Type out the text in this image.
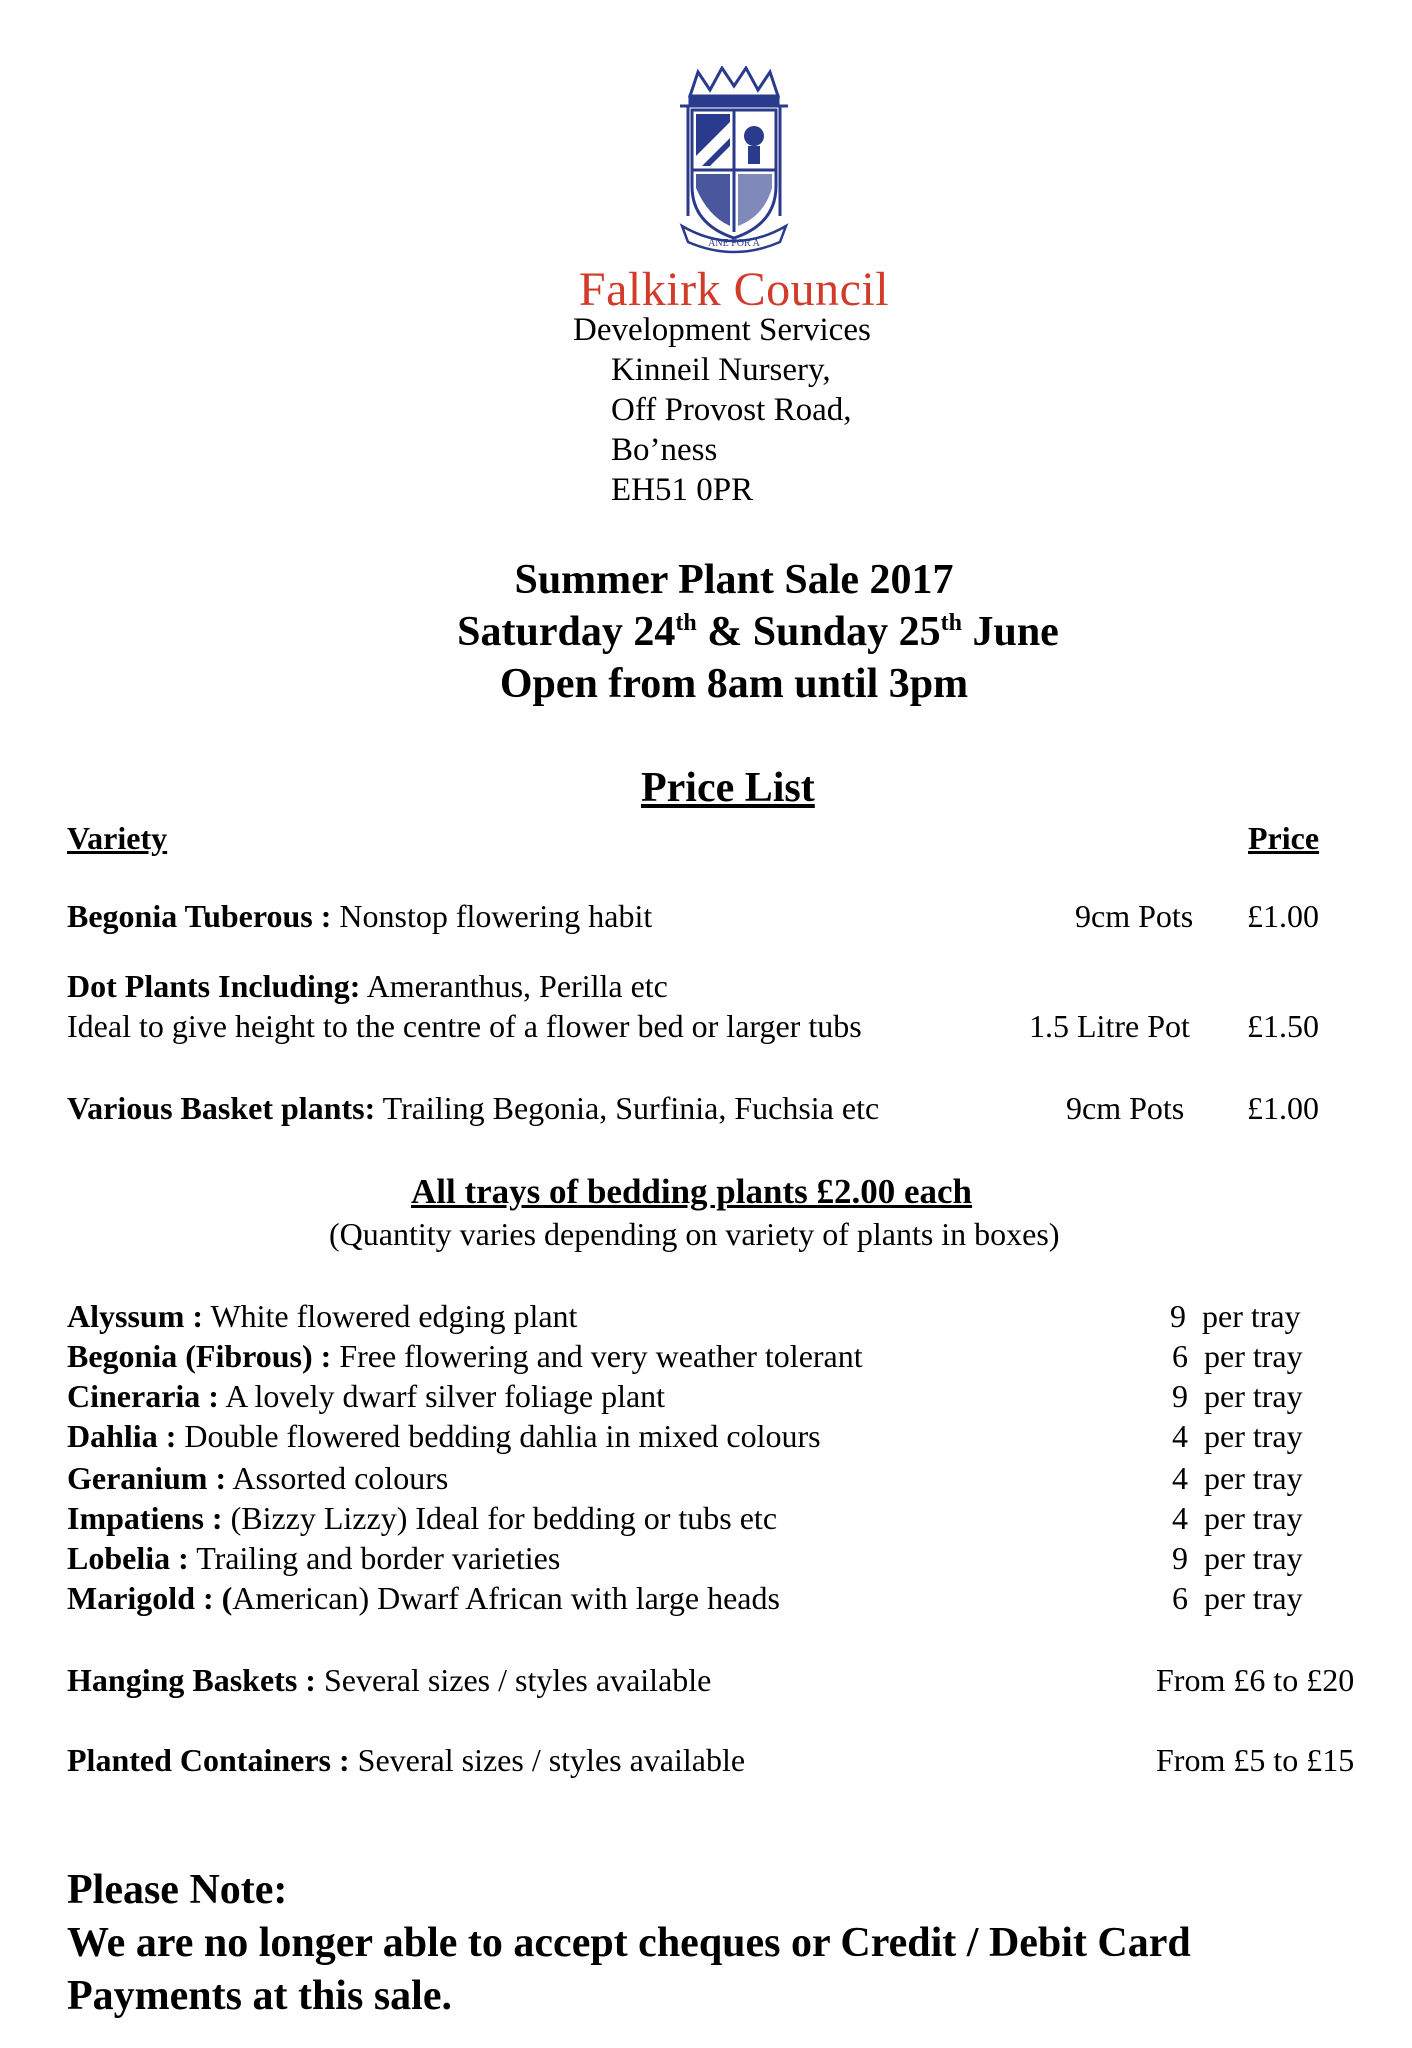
ANE FOR A
Falkirk Council
Development Services
Kinneil Nursery,
Off Provost Road,
Bo’ness
EH51 0PR
Summer Plant Sale 2017
Saturday 24th & Sunday 25th June
Open from 8am until 3pm
Price List
Variety	Price
Begonia Tuberous : Nonstop flowering habit	9cm Pots £1.00
Dot Plants Including: Ameranthus, Perilla etc
Ideal to give height to the centre of a flower bed or larger tubs	1.5 Litre Pot £1.50
Various Basket plants: Trailing Begonia, Surfinia, Fuchsia etc	9cm Pots £1.00
All trays of bedding plants £2.00 each
(Quantity varies depending on variety of plants in boxes)
Alyssum : White flowered edging plant	9 per tray
Begonia (Fibrous) : Free flowering and very weather tolerant	6 per tray
Cineraria : A lovely dwarf silver foliage plant	9 per tray
Dahlia : Double flowered bedding dahlia in mixed colours	4 per tray
Geranium : Assorted colours	4 per tray
Impatiens : (Bizzy Lizzy) Ideal for bedding or tubs etc	4 per tray
Lobelia : Trailing and border varieties	9 per tray
Marigold : (American) Dwarf African with large heads	6 per tray
Hanging Baskets : Several sizes / styles available	From £6 to £20
Planted Containers : Several sizes / styles available	From £5 to £15
Please Note:
We are no longer able to accept cheques or Credit / Debit Card
Payments at this sale.
